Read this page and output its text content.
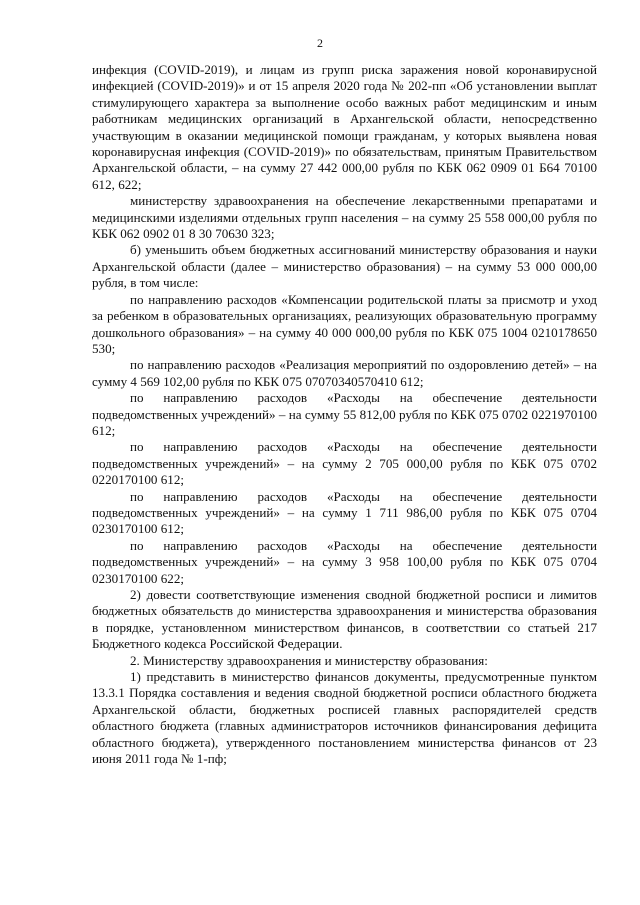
2

инфекция (COVID-2019), и лицам из групп риска заражения новой коронавирусной инфекцией (COVID-2019)» и от 15 апреля 2020 года № 202-пп «Об установлении выплат стимулирующего характера за выполнение особо важных работ медицинским и иным работникам медицинских организаций в Архангельской области, непосредственно участвующим в оказании медицинской помощи гражданам, у которых выявлена новая коронавирусная инфекция (COVID-2019)» по обязательствам, принятым Правительством Архангельской области, – на сумму 27 442 000,00 рубля по КБК 062 0909 01 Б64 70100 612, 622;

министерству здравоохранения на обеспечение лекарственными препаратами и медицинскими изделиями отдельных групп населения – на сумму 25 558 000,00 рубля по КБК 062 0902 01 8 30 70630 323;

б) уменьшить объем бюджетных ассигнований министерству образования и науки Архангельской области (далее – министерство образования) – на сумму 53 000 000,00 рубля, в том числе:

по направлению расходов «Компенсации родительской платы за присмотр и уход за ребенком в образовательных организациях, реализующих образовательную программу дошкольного образования» – на сумму 40 000 000,00 рубля по КБК 075 1004 0210178650 530;

по направлению расходов «Реализация мероприятий по оздоровлению детей» – на сумму 4 569 102,00 рубля по КБК 075 07070340570410 612;

по направлению расходов «Расходы на обеспечение деятельности подведомственных учреждений» – на сумму 55 812,00 рубля по КБК 075 0702 0221970100 612;

по направлению расходов «Расходы на обеспечение деятельности подведомственных учреждений» – на сумму 2 705 000,00 рубля по КБК 075 0702 0220170100 612;

по направлению расходов «Расходы на обеспечение деятельности подведомственных учреждений» – на сумму 1 711 986,00 рубля по КБК 075 0704 0230170100 612;

по направлению расходов «Расходы на обеспечение деятельности подведомственных учреждений» – на сумму 3 958 100,00 рубля по КБК 075 0704 0230170100 622;

2) довести соответствующие изменения сводной бюджетной росписи и лимитов бюджетных обязательств до министерства здравоохранения и министерства образования в порядке, установленном министерством финансов, в соответствии со статьей 217 Бюджетного кодекса Российской Федерации.

2. Министерству здравоохранения и министерству образования:

1) представить в министерство финансов документы, предусмотренные пунктом 13.3.1 Порядка составления и ведения сводной бюджетной росписи областного бюджета Архангельской области, бюджетных росписей главных распорядителей средств областного бюджета (главных администраторов источников финансирования дефицита областного бюджета), утвержденного постановлением министерства финансов от 23 июня 2011 года № 1-пф;
